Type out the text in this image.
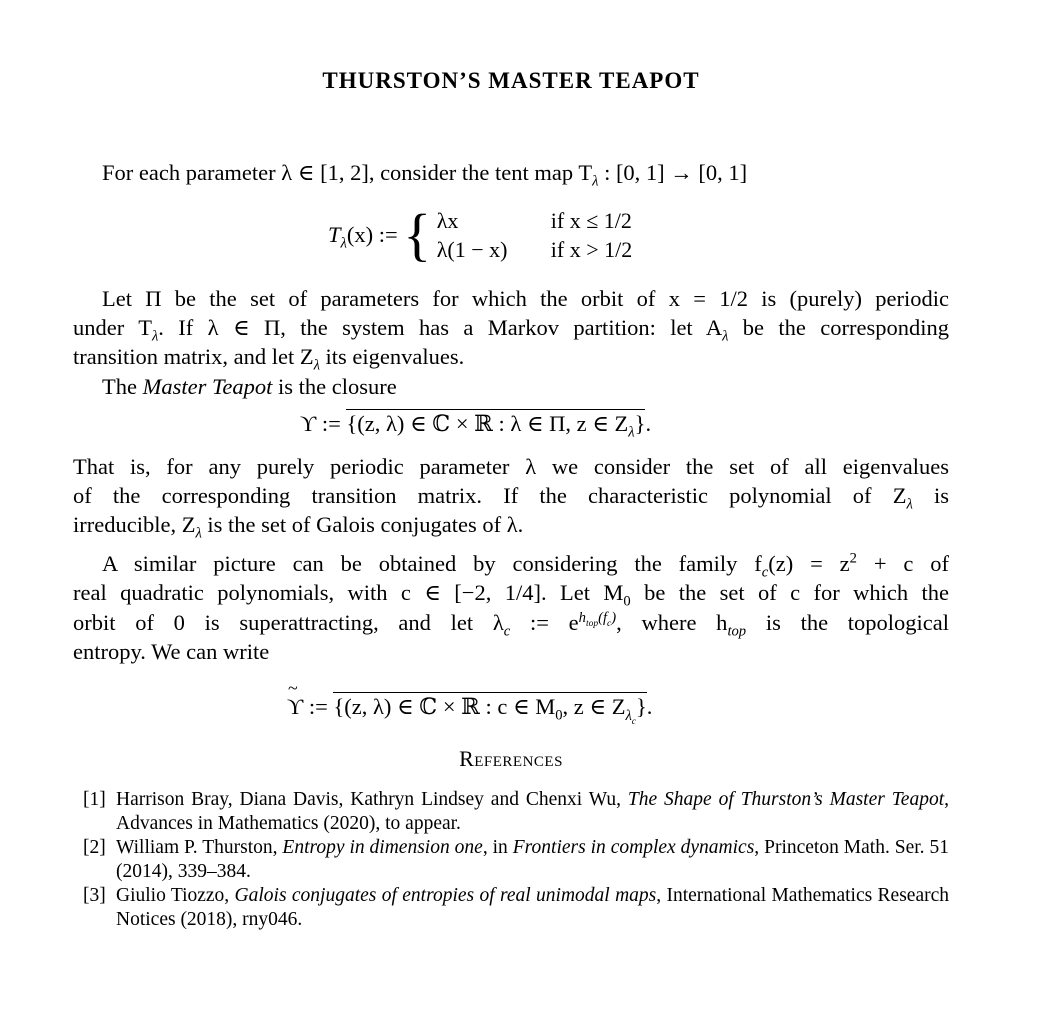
THURSTON’S MASTER TEAPOT
For each parameter λ ∈ [1, 2], consider the tent map $T_\lambda$ : [0, 1] → [0, 1]
$T_\lambda(x)$ := { λx	if x ≤ 1/2
λ(1 − x)	if x > 1/2
Let Π be the set of parameters for which the orbit of x = 1/2 is (purely) periodic
under $T_\lambda$. If λ ∈ Π, the system has a Markov partition: let $A_\lambda$ be the corresponding
transition matrix, and let $Z_\lambda$ its eigenvalues.
The Master Teapot is the closure
ϒ := {(z, λ) ∈ ℂ × ℝ : λ ∈ Π, z ∈ $Z_\lambda$}.
That is, for any purely periodic parameter λ we consider the set of all eigenvalues
of the corresponding transition matrix. If the characteristic polynomial of $Z_\lambda$ is
irreducible, $Z_\lambda$ is the set of Galois conjugates of λ.
A similar picture can be obtained by considering the family $f_c(z) = z^2 + c$ of
real quadratic polynomials, with c ∈ [−2, 1/4]. Let $M_0$ be the set of c for which the
orbit of 0 is superattracting, and let $\lambda_c$ := $e^{h_{top}(f_c)}$, where $h_{top}$ is the topological
entropy. We can write
~ ϒ := {(z, λ) ∈ ℂ × ℝ : c ∈ $M_0$, z ∈ $Z_{\lambda_c}$}.
References
[1] Harrison Bray, Diana Davis, Kathryn Lindsey and Chenxi Wu, The Shape of Thurston’s Master Teapot, Advances in Mathematics (2020), to appear.
[2] William P. Thurston, Entropy in dimension one, in Frontiers in complex dynamics, Princeton Math. Ser. 51 (2014), 339–384.
[3] Giulio Tiozzo, Galois conjugates of entropies of real unimodal maps, International Mathematics Research Notices (2018), rny046.
